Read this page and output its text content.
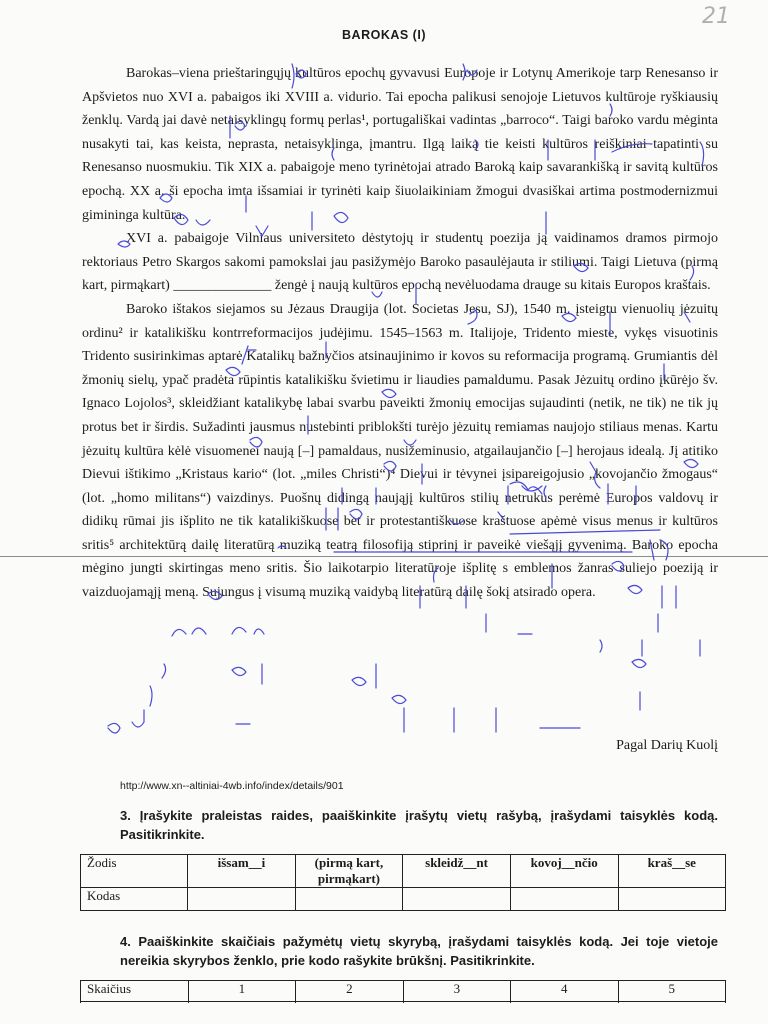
21
BAROKAS (I)

Barokas–viena prieštaringųjų kultūros epochų gyvavusi Europoje ir Lotynų Amerikoje tarp Renesanso ir Apšvietos nuo XVI a. pabaigos iki XVIII a. vidurio. Tai epocha palikusi senojoje Lietuvos kultūroje ryškiausių ženklų. Vardą jai davė netaisyklingų formų perlas¹, portugališkai vadintas „barroco“. Taigi baroko vardu mėginta nusakyti tai, kas keista, neprasta, netaisyklinga, įmantru. Ilgą laiką tie keisti kultūros reiškiniai tapatinti su Renesanso nuosmukiu. Tik XIX a. pabaigoje meno tyrinėtojai atrado Baroką kaip savarankišką ir savitą kultūros epochą. XX a. ši epocha imta išsamiai ir tyrinėti kaip šiuolaikiniam žmogui dvasiškai artima postmodernizmui gimininga kultūra.

XVI a. pabaigoje Vilniaus universiteto dėstytojų ir studentų poezija ją vaidinamos dramos pirmojo rektoriaus Petro Skargos sakomi pamokslai jau pasižymėjo Baroko pasaulėjauta ir stiliumi. Taigi Lietuva (pirmą kart, pirmąkart) ______________ žengė į naują kultūros epochą nevėluodama drauge su kitais Europos kraštais.

Baroko ištakos siejamos su Jėzaus Draugija (lot. Societas Jesu, SJ), 1540 m. įsteigtu vienuolių jėzuitų ordinu² ir katalikišku kontrreformacijos judėjimu. 1545–1563 m. Italijoje, Tridento mieste, vykęs visuotinis Tridento susirinkimas aptarė Katalikų bažnyčios atsinaujinimo ir kovos su reformacija programą. Grumiantis dėl žmonių sielų, ypač pradėta rūpintis katalikišku švietimu ir liaudies pamaldumu. Pasak Jėzuitų ordino įkūrėjo šv. Ignaco Lojolos³, skleidžiant katalikybę labai svarbu paveikti žmonių emocijas sujaudinti (netik, ne tik) ne tik jų protus bet ir širdis. Sužadinti jausmus nustebinti priblokšti turėjo jėzuitų remiamas naujojo stiliaus menas. Kartu jėzuitų kultūra kėlė visuomenei naują [–] pamaldaus, nusižeminusio, atgailaujančio [–] herojaus idealą. Jį atitiko Dievui ištikimo „Kristaus kario“ (lot. „miles Christi“)⁴ Dievui ir tėvynei įsipareigojusio „kovojančio žmogaus“ (lot. „homo militans“) vaizdinys. Puošnų didingą naująjį kultūros stilių netrukus perėmė Europos valdovų ir didikų rūmai jis išplito ne tik katalikiškuose bet ir protestantiškuose kraštuose apėmė visus menus ir kultūros sritis⁵ architektūrą dailę literatūrą muziką teatrą filosofiją stiprinį ir paveikė viešąjį gyvenimą. Baroko epocha mėgino jungti skirtingas meno sritis. Šio laikotarpio literatūroje išplitę s emblemos žanras suliejo poeziją ir vaizduojamąjį meną. Sujungus į visumą muziką vaidybą literatūrą dailę šokį atsirado opera.

Pagal Darių Kuolį
http://www.xn--altiniai-4wb.info/index/details/901
3. Įrašykite praleistas raides, paaiškinkite įrašytų vietų rašybą, įrašydami taisyklės kodą. Pasitikrinkite.
Žodis	išsam__i	(pirmą kart, pirmąkart)	skleidž__nt	kovoj__nčio	kraš__se
Kodas					
4. Paaiškinkite skaičiais pažymėtų vietų skyrybą, įrašydami taisyklės kodą. Jei toje vietoje nereikia skyrybos ženklo, prie kodo rašykite brūkšnį. Pasitikrinkite.
Skaičius	1	2	3	4	5
